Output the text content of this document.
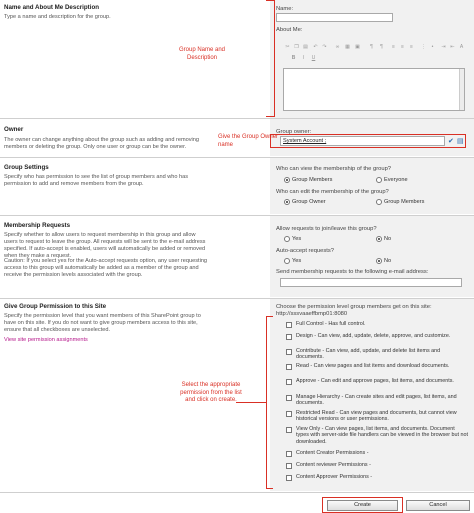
Name and About Me Description
Type a name and description for the group.
Name:
About Me:
✂ ❐ ▤ ↶ ↷	∞	▦ ▣	¶	¶	≡	≡	≡	⋮	•	⇥ ⇤	A
B	I	U
Group Name and Description
Owner
The owner can change anything about the group such as adding and removing members or deleting the group. Only one user or group can be the owner.
Group owner:
System Account ;	✔ ▤
Give the Group Owner name
Group Settings
Specify who has permission to see the list of group members and who has permission to add and remove members from the group.
Who can view the membership of the group?
Group Members	Everyone
Who can edit the membership of the group?
Group Owner	Group Members
Membership Requests
Specify whether to allow users to request membership in this group and allow users to request to leave the group. All requests will be sent to the e-mail address specified. If auto-accept is enabled, users will automatically be added or removed when they make a request.
Caution: If you select yes for the Auto-accept requests option, any user requesting access to this group will automatically be added as a member of the group and receive the permission levels associated with the group.
Allow requests to join/leave this group?
Yes	No
Auto-accept requests?
Yes	No
Send membership requests to the following e-mail address:
Give Group Permission to this Site
Specify the permission level that you want members of this SharePoint group to have on this site. If you do not want to give group members access to this site, ensure that all checkboxes are unselected.
View site permission assignments
Choose the permission level group members get on this site: http://sssvaaeffbmp01:8080
Full Control - Has full control.
Design - Can view, add, update, delete, approve, and customize.
Contribute - Can view, add, update, and delete list items and documents.
Read - Can view pages and list items and download documents.
Approve - Can edit and approve pages, list items, and documents.
Manage Hierarchy - Can create sites and edit pages, list items, and documents.
Restricted Read - Can view pages and documents, but cannot view historical versions or user permissions.
View Only - Can view pages, list items, and documents. Document types with server-side file handlers can be viewed in the browser but not downloaded.
Content Creator Permissions -
Content reviewer Permissions -
Content Approver Permissions -
Select the appropriate permission from the list and click on create.
Create	Cancel
